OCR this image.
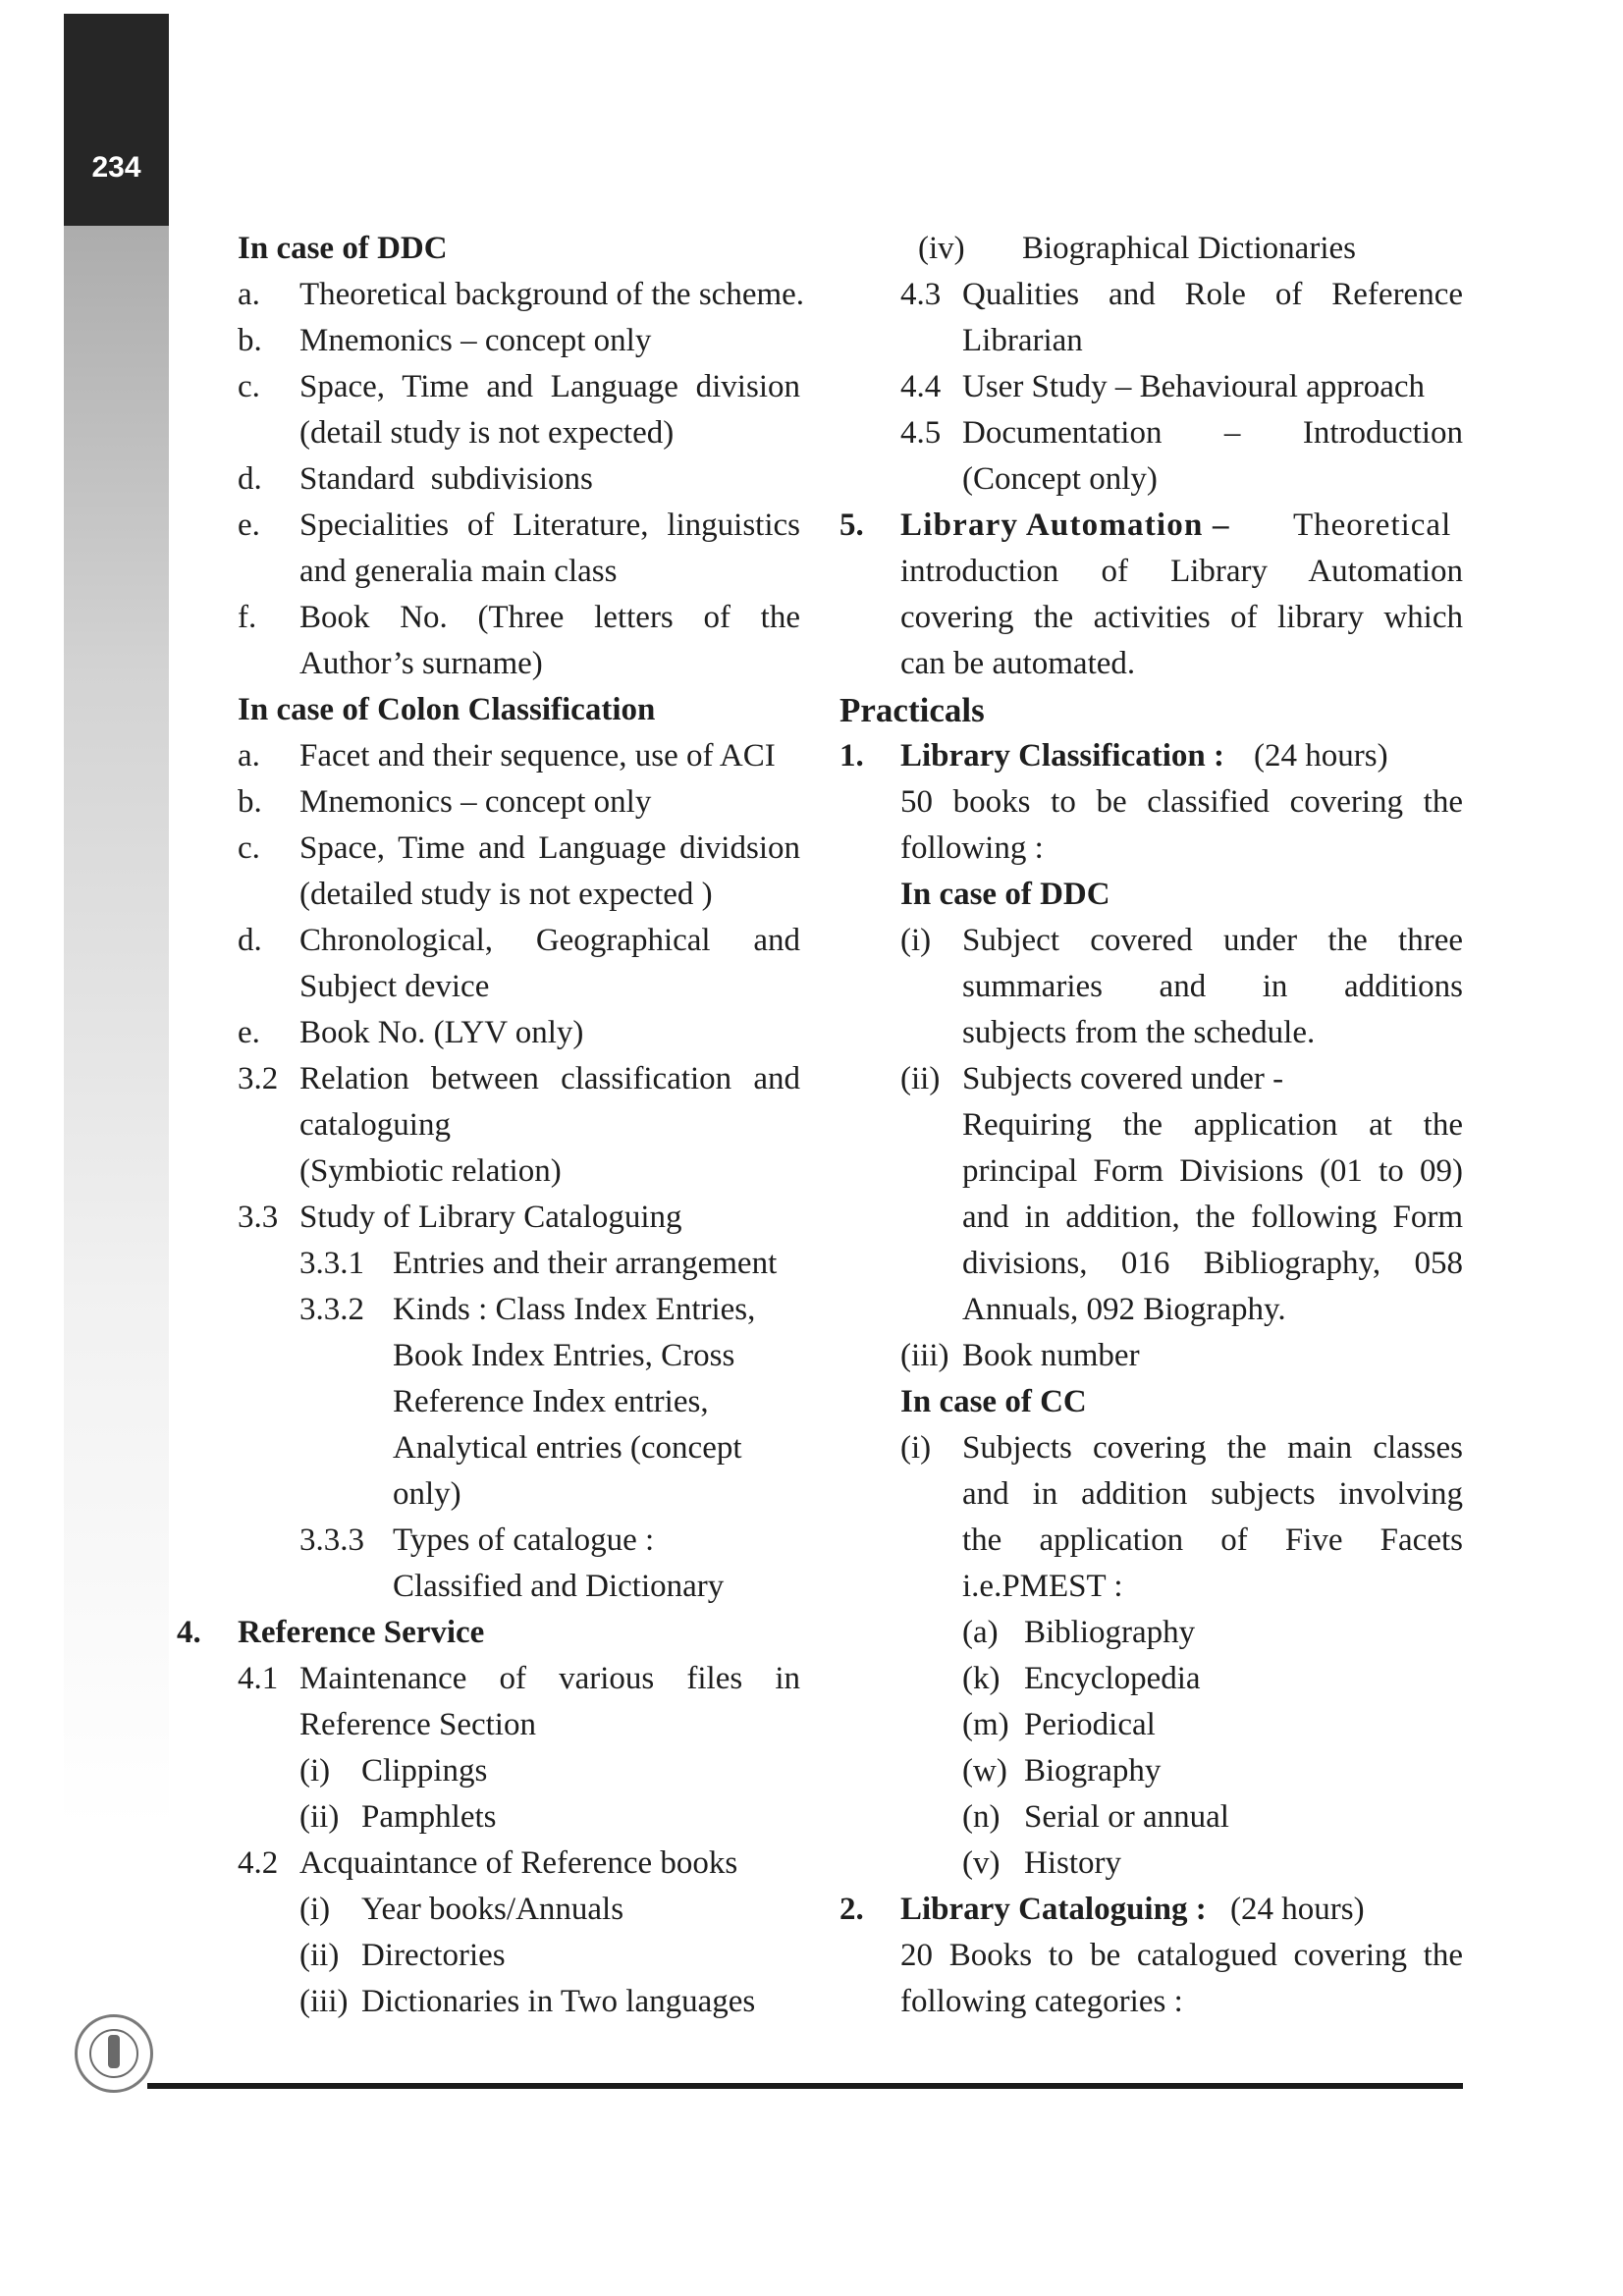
234
In case of DDC
a. Theoretical background of the scheme.
b. Mnemonics – concept only
c. Space, Time and Language division
(detail study is not expected)
d. Standard  subdivisions
e. Specialities of Literature, linguistics
and generalia main class
f. Book No. (Three letters of the
Author’s surname)
In case of Colon Classification
a. Facet and their sequence, use of ACI
b. Mnemonics – concept only
c. Space, Time and Language dividsion
(detailed study is not expected )
d. Chronological, Geographical and
Subject device
e. Book No. (LYV only)
3.2 Relation between classification and
cataloguing
(Symbiotic relation)
3.3 Study of Library Cataloguing
3.3.1 Entries and their arrangement
3.3.2 Kinds : Class Index Entries,
Book Index Entries, Cross
Reference Index entries,
Analytical entries (concept
only)
3.3.3 Types of catalogue :
Classified and Dictionary
4. Reference Service
4.1 Maintenance of various files in
Reference Section
(i) Clippings
(ii) Pamphlets
4.2 Acquaintance of Reference books
(i) Year books/Annuals
(ii) Directories
(iii) Dictionaries in Two languages
(iv) Biographical Dictionaries
4.3 Qualities and Role of Reference
Librarian
4.4 User Study – Behavioural approach
4.5 Documentation – Introduction
(Concept only)
5. Library Automation – Theoretical
introduction of Library Automation
covering the activities of library which
can be automated.
Practicals
1. Library Classification : (24 hours)
50 books to be classified covering the
following :
In case of DDC
(i) Subject covered under the three
summaries and in additions
subjects from the schedule.
(ii) Subjects covered under -
Requiring the application at the
principal Form Divisions (01 to 09)
and in addition, the following Form
divisions, 016 Bibliography, 058
Annuals, 092 Biography.
(iii) Book number
In case of CC
(i) Subjects covering the main classes
and in addition subjects involving
the application of Five Facets
i.e.PMEST :
(a) Bibliography
(k) Encyclopedia
(m) Periodical
(w) Biography
(n) Serial or annual
(v) History
2. Library Cataloguing : (24 hours)
20 Books to be catalogued covering the
following categories :
